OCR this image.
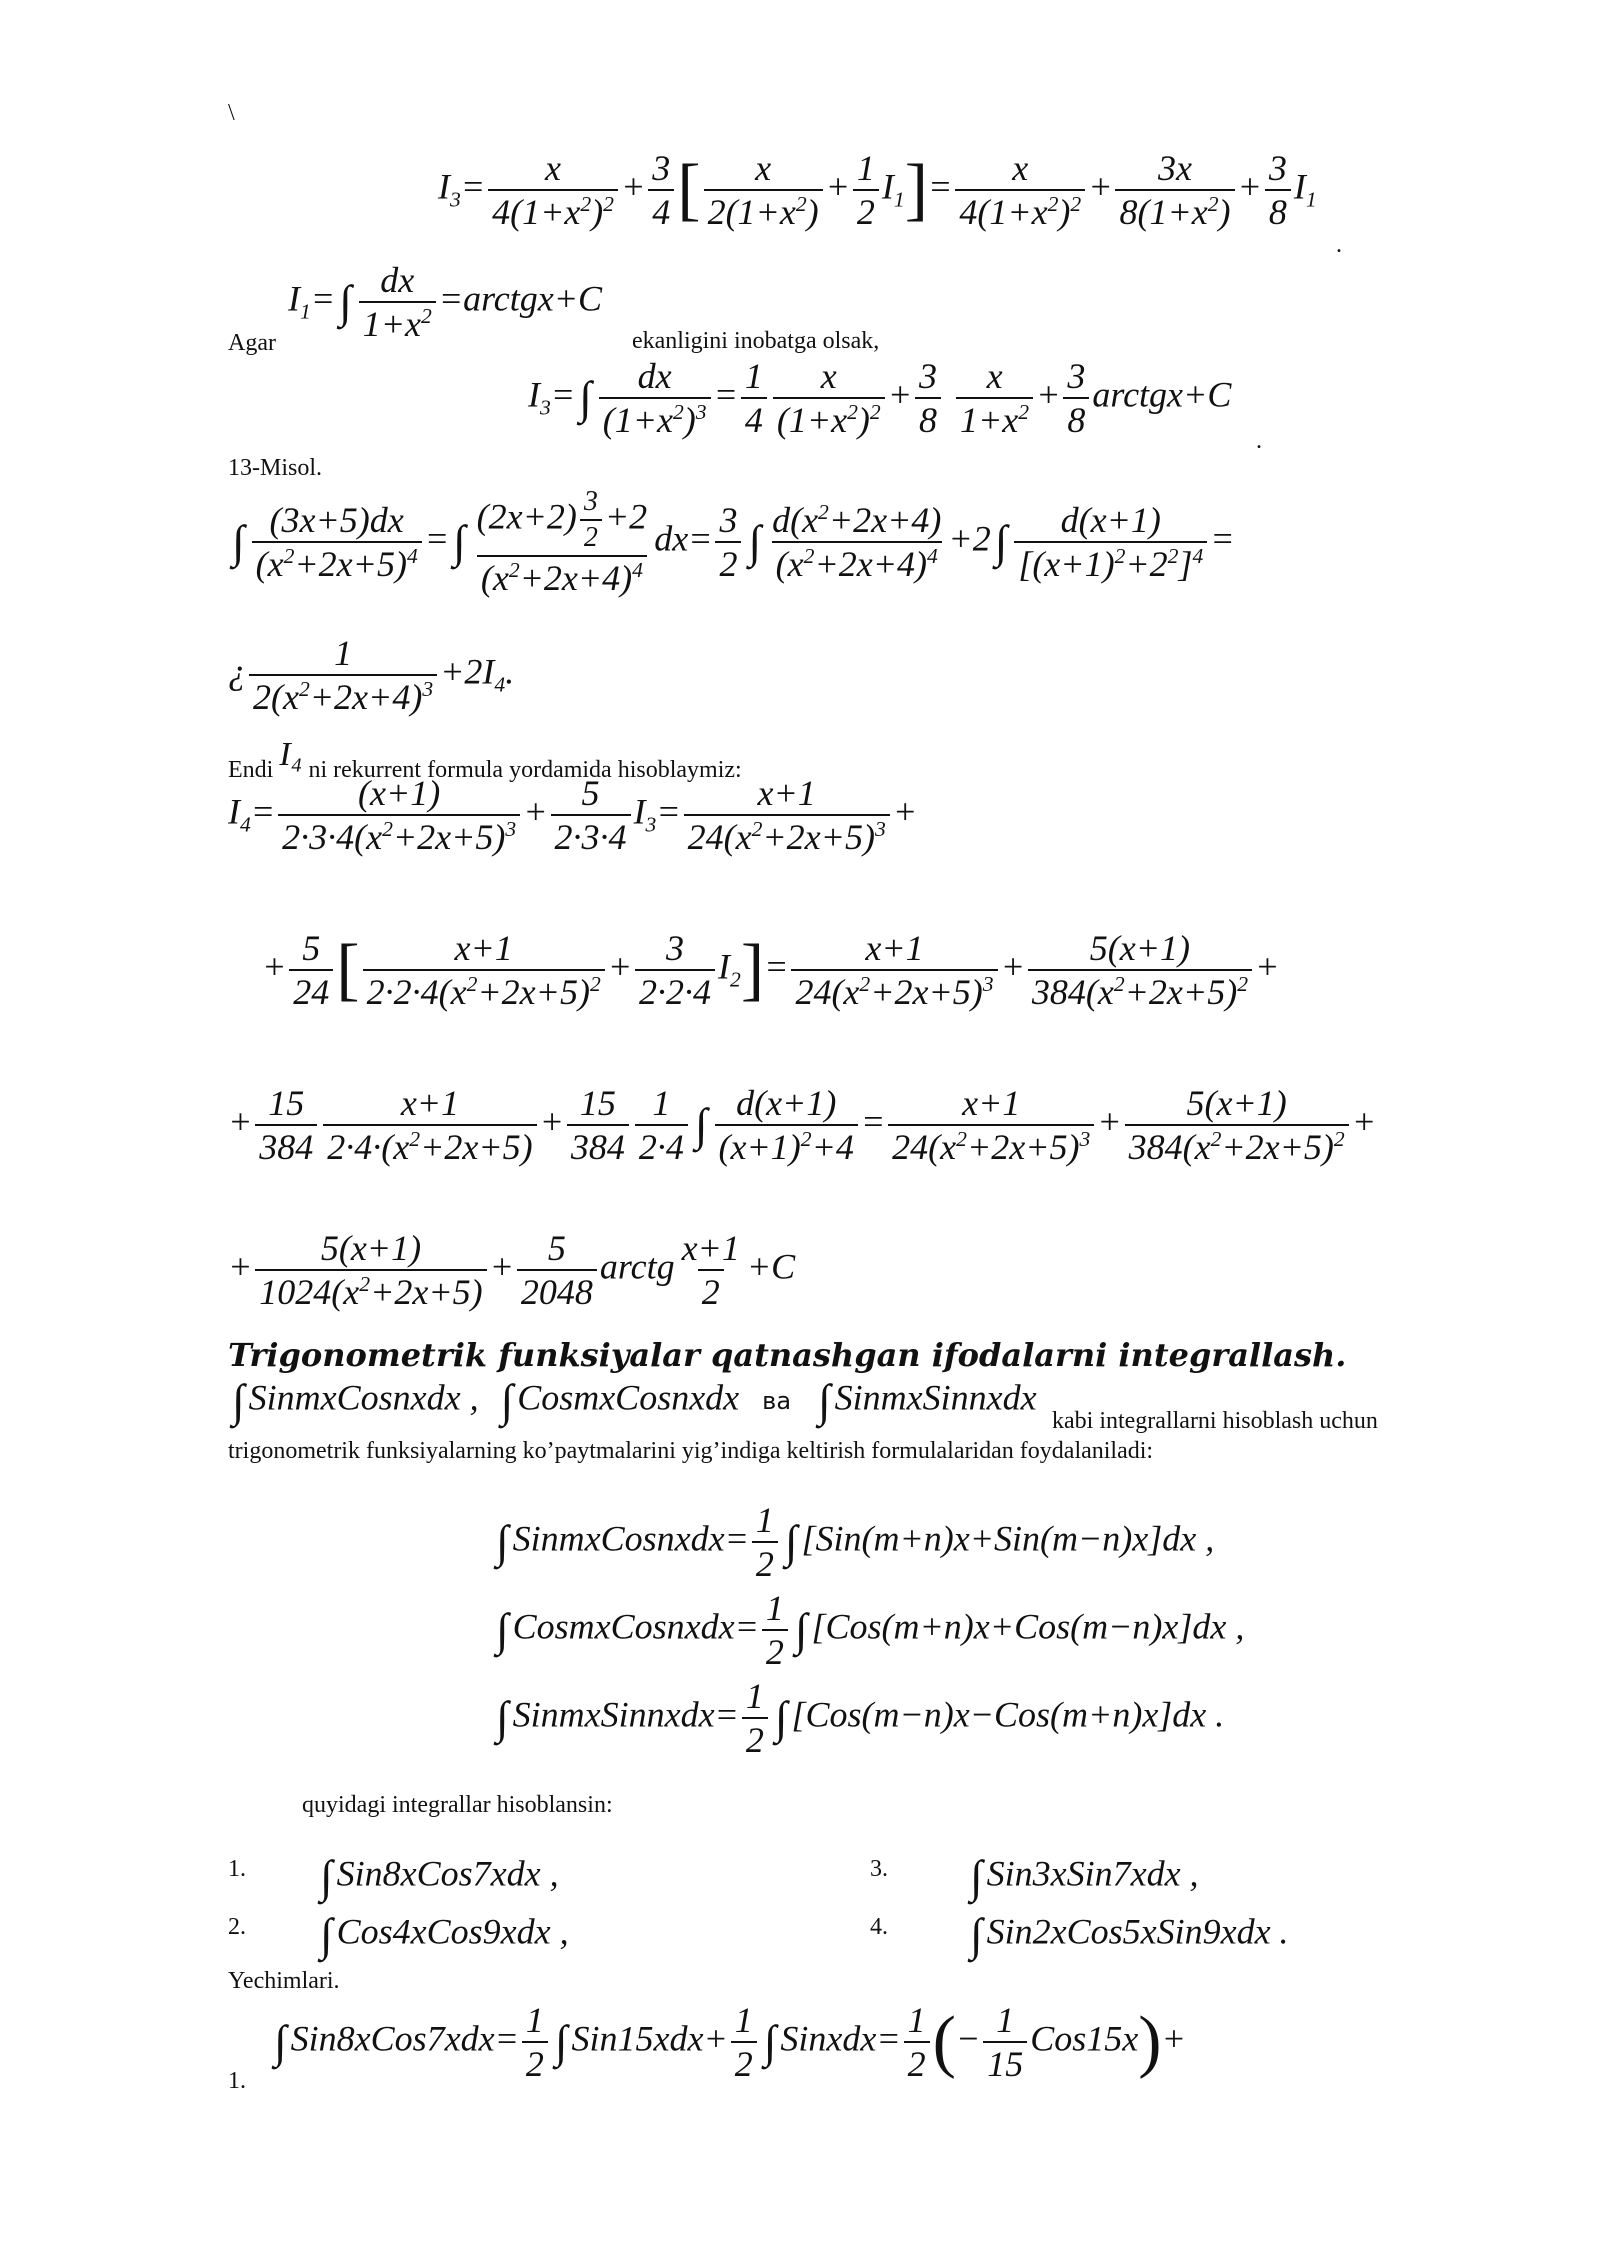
\
$I_3= \frac{x}{4(1+x^2)^2} + \frac{3}{4}$ [ $\frac{x}{2(1+x^2)} + \frac{1}{2} I_1]= \frac{x}{4(1+x^2)^2} + \frac{3x}{8(1+x^2)} + \frac{3}{8} I_1$
.
Agar
$I_1=\int \frac{dx}{1+x^2}$ =arctgx+C
ekanligini inobatga olsak,
$I_3=\int \frac{dx}{(1+x^2)^3} = \frac{1}{4} \frac{x}{(1+x^2)^2} + \frac{3}{8}$
$\frac{x}{1+x^2} + \frac{3}{8}$ arctgx+C
.
13-Misol.
∫ $\frac{(3x+5)dx}{(x^2+2x+5)^4}$ =∫ $\frac{(2x+2) \frac{3}{2} +2}{(x^2+2x+4)^4} dx= \frac{3}{2}$ ∫ $\frac{d(x^2+2x+4)}{(x^2+2x+4)^4} +2\int \frac{d(x+1)}{[(x+1)^2+2^2]^4}$ =
¿ $\frac{1}{2(x^2+2x+4)^3} +2I_4$.
Endi I₄ ni rekurrent formula yordamida hisoblaymiz:
$I_4= \frac{(x+1)}{2\cdot 3\cdot 4(x^2+2x+5)^3} + \frac{5}{2\cdot 3\cdot 4} I_3= \frac{x+1}{24(x^2+2x+5)^3}$ +
+ $\frac{5}{24}$ [ $\frac{x+1}{2\cdot 2\cdot 4(x^2+2x+5)^2} + \frac{3}{2\cdot 2\cdot 4} I_2]= \frac{x+1}{24(x^2+2x+5)^3} + \frac{5(x+1)}{384(x^2+2x+5)^2}$ +
+ $\frac{15}{384} \frac{x+1}{2\cdot 4\cdot(x^2+2x+5)} + \frac{15}{384} \frac{1}{2\cdot 4}$ ∫ $\frac{d(x+1)}{(x+1)^2+4} = \frac{x+1}{24(x^2+2x+5)^3} + \frac{5(x+1)}{384(x^2+2x+5)^2}$ +
+ $\frac{5(x+1)}{1024(x^2+2x+5)} + \frac{5}{2048}$ arctg $\frac{x+1}{2} +C$
Trigonometrik funksiyalar qatnashgan ifodalarni integrallash.
∫ SinmxCosnxdx , ∫ CosmxCosnxdx ва ∫ SinmxSinnxdx
kabi integrallarni hisoblash uchun
trigonometrik funksiyalarning ko’paytmalarini yig’indiga keltirish formulalaridan foydalaniladi:
∫ SinmxCosnxdx= $\frac{1}{2}$ ∫ [Sin(m+n)x+Sin(m−n)x]dx ,
∫ CosmxCosnxdx= $\frac{1}{2}$ ∫ [Cos(m+n)x+Cos(m−n)x]dx ,
∫ SinmxSinnxdx= $\frac{1}{2}$ ∫ [Cos(m−n)x−Cos(m+n)x]dx .
quyidagi integrallar hisoblansin:
1. ∫ Sin8xCos7xdx ,
2. ∫ Cos4xCos9xdx ,
3. ∫ Sin3xSin7xdx ,
4. ∫ Sin2xCos5xSin9xdx .
Yechimlari.
1.
∫ Sin8xCos7xdx= $\frac{1}{2}$ ∫ $Sin15xdx+ \frac{1}{2}$ ∫ Sinxdx= $\frac{1}{2}$ (− $\frac{1}{15} Cos15x)+$
